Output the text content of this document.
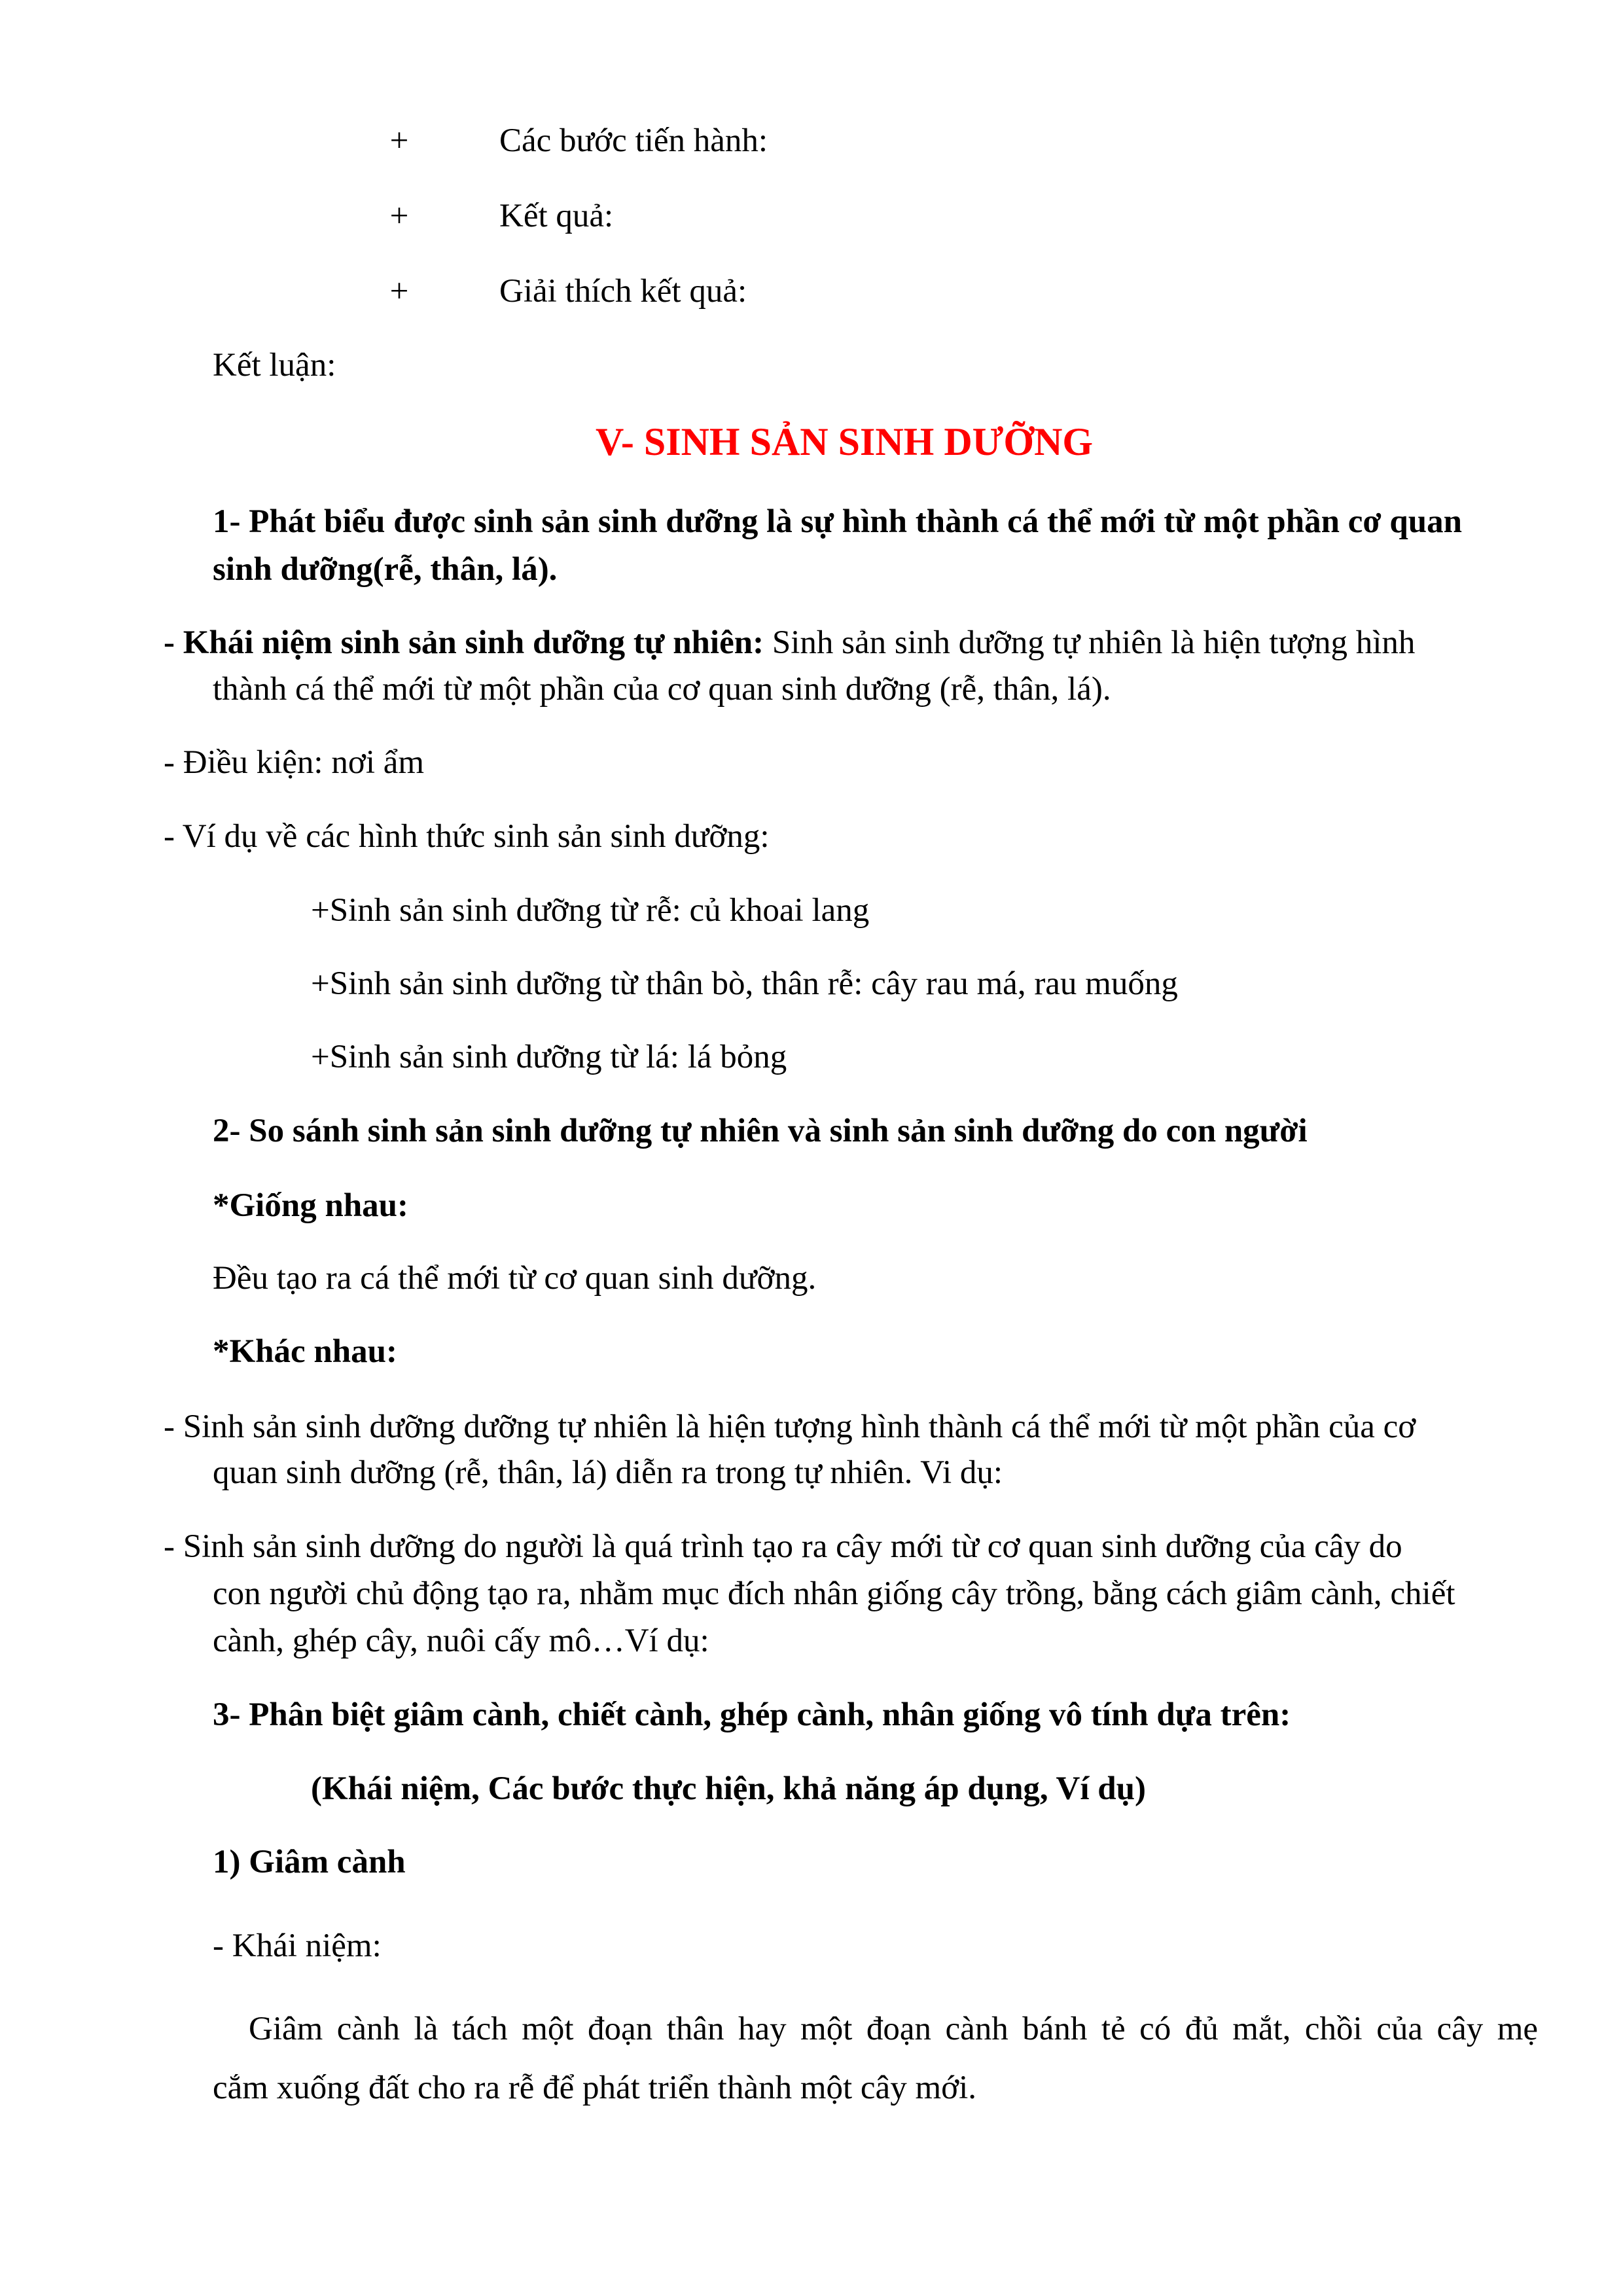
+	Các bước tiến hành:
+	Kết quả:
+	Giải thích kết quả:
Kết luận:
V- SINH SẢN SINH DƯỠNG
1- Phát biểu được sinh sản sinh dưỡng là sự hình thành cá thể mới từ một phần cơ quan
sinh dưỡng(rễ, thân, lá).
- Khái niệm sinh sản sinh dưỡng tự nhiên: Sinh sản sinh dưỡng tự nhiên là hiện tượng hình
thành cá thể mới từ một phần của cơ quan sinh dưỡng (rễ, thân, lá).
- Điều kiện: nơi ẩm
- Ví dụ về các hình thức sinh sản sinh dưỡng:
+Sinh sản sinh dưỡng từ rễ: củ khoai lang
+Sinh sản sinh dưỡng từ thân bò, thân rễ: cây rau má, rau muống
+Sinh sản sinh dưỡng từ lá: lá bỏng
2- So sánh sinh sản sinh dưỡng tự nhiên và sinh sản sinh dưỡng do con người
*Giống nhau:
Đều tạo ra cá thể mới từ cơ quan sinh dưỡng.
*Khác nhau:
- Sinh sản sinh dưỡng dưỡng tự nhiên là hiện tượng hình thành cá thể mới từ một phần của cơ
quan sinh dưỡng (rễ, thân, lá) diễn ra trong tự nhiên. Vi dụ:
- Sinh sản sinh dưỡng do người là quá trình tạo ra cây mới từ cơ quan sinh dưỡng của cây do
con người chủ động tạo ra, nhằm mục đích nhân giống cây trồng, bằng cách giâm cành, chiết
cành, ghép cây, nuôi cấy mô…Ví dụ:
3- Phân biệt giâm cành, chiết cành, ghép cành, nhân giống vô tính dựa trên:
(Khái niệm, Các bước thực hiện, khả năng áp dụng, Ví dụ)
1) Giâm cành
- Khái niệm:
Giâm cành là tách một đoạn thân hay một đoạn cành bánh tẻ có đủ mắt, chồi của cây mẹ
cắm xuống đất cho ra rễ để phát triển thành một cây mới.
